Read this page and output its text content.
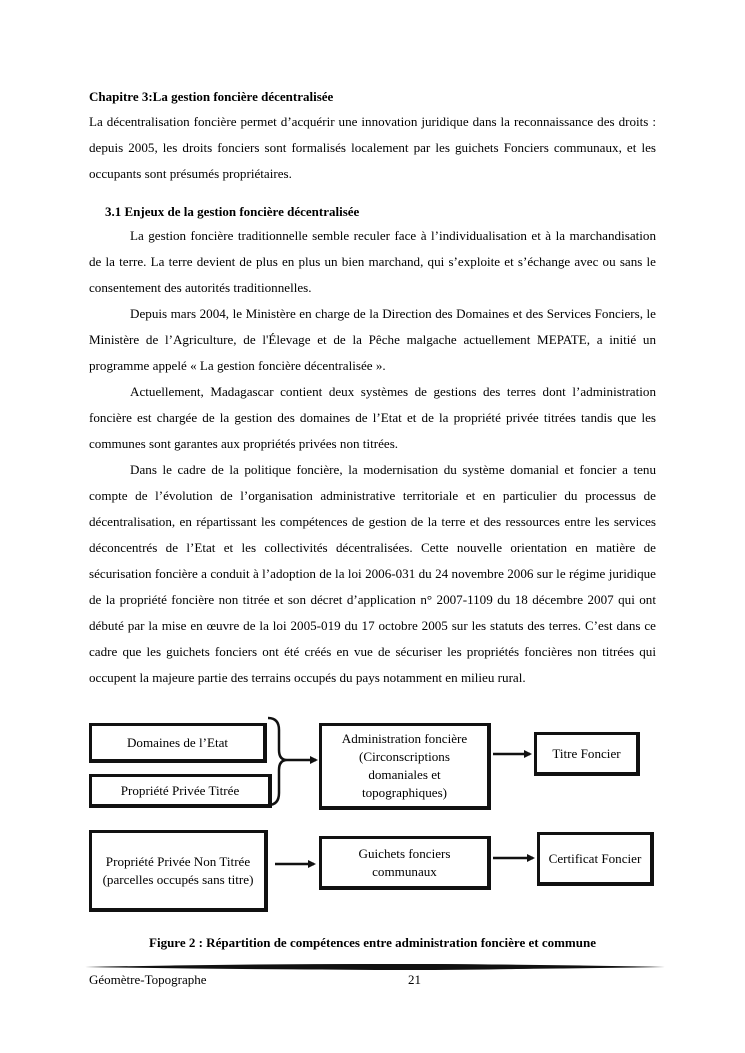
Chapitre 3:La gestion foncière décentralisée
La décentralisation foncière permet d’acquérir une innovation juridique dans la reconnaissance des droits : depuis 2005, les droits fonciers sont formalisés localement par les guichets Fonciers communaux, et les occupants sont présumés propriétaires.
3.1 Enjeux de la gestion foncière décentralisée
La gestion foncière traditionnelle semble reculer face à l’individualisation et à la marchandisation de la terre. La terre devient de plus en plus un bien marchand, qui s’exploite et s’échange avec ou sans le consentement des autorités traditionnelles.
Depuis mars 2004, le Ministère en charge de la Direction des Domaines et des Services Fonciers, le Ministère de l’Agriculture, de l'Élevage et de la Pêche malgache actuellement MEPATE, a initié un programme appelé « La gestion foncière décentralisée ».
Actuellement, Madagascar contient deux systèmes de gestions des terres dont l’administration foncière est chargée de la gestion des domaines de l’Etat et de la propriété privée titrées tandis que les communes sont garantes aux propriétés privées non titrées.
Dans le cadre de la politique foncière, la modernisation du système domanial et foncier a tenu compte de l’évolution de l’organisation administrative territoriale et en particulier du processus de décentralisation, en répartissant les compétences de gestion de la terre et des ressources entre les services déconcentrés de l’Etat et les collectivités décentralisées. Cette nouvelle orientation en matière de sécurisation foncière a conduit à l’adoption de la loi 2006-031 du 24 novembre 2006 sur le régime juridique de la propriété foncière non titrée et son décret d’application n° 2007-1109 du 18 décembre 2007 qui ont débuté par la mise en œuvre de la loi 2005-019 du 17 octobre 2005 sur les statuts des terres. C’est dans ce cadre que les guichets fonciers ont été créés en vue de sécuriser les propriétés foncières non titrées qui occupent la majeure partie des terrains occupés du pays notamment en milieu rural.
Domaines de l’Etat
Propriété Privée Titrée
Administration foncière (Circonscriptions domaniales et topographiques)
Titre Foncier
Propriété Privée Non Titrée (parcelles occupés sans titre)
Guichets fonciers communaux
Certificat Foncier
Figure 2 : Répartition de compétences entre administration foncière et commune
Géomètre-Topographe	21
